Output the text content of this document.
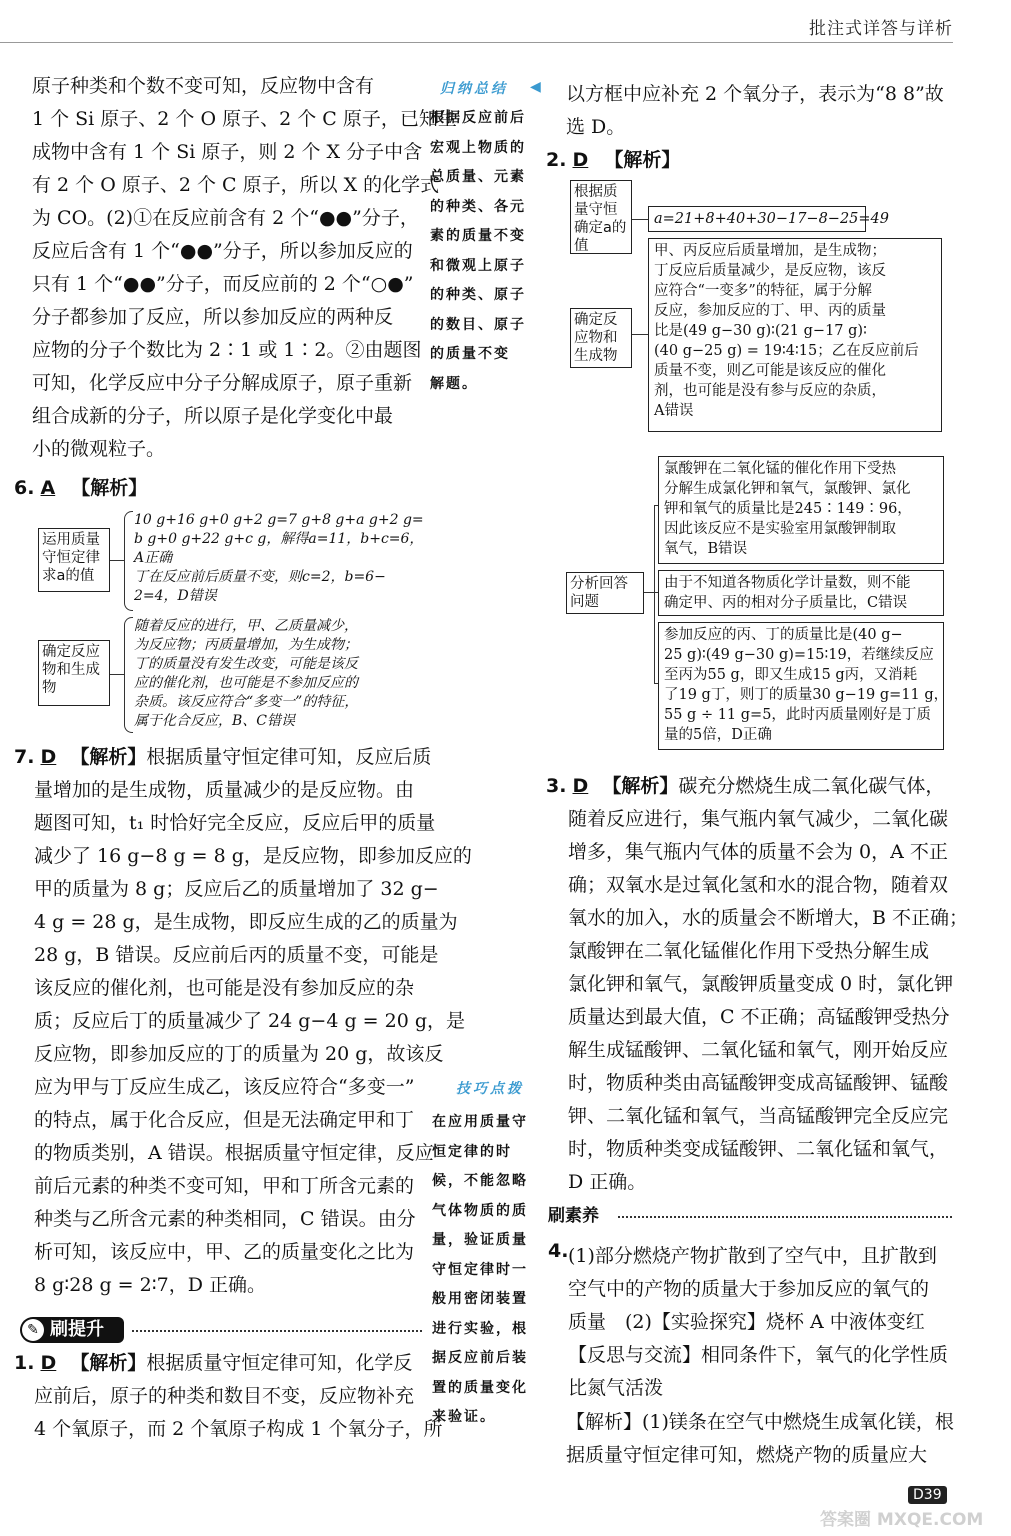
批注式详答与详析
原子种类和个数不变可知，反应物中含有
1 个 Si 原子、2 个 O 原子、2 个 C 原子，已知生
成物中含有 1 个 Si 原子，则 2 个 X 分子中含
有 2 个 O 原子、2 个 C 原子，所以 X 的化学式
为 CO。(2)①在反应前含有 2 个“●●”分子，
反应后含有 1 个“●●”分子，所以参加反应的
只有 1 个“●●”分子，而反应前的 2 个“○●”
分子都参加了反应，所以参加反应的两种反
应物的分子个数比为 2∶1 或 1∶2。②由题图
可知，化学反应中分子分解成原子，原子重新
组合成新的分子，所以原子是化学变化中最
小的微观粒子。
6. A 【解析】
运用质量守恒定律求a的值
10 g+16 g+0 g+2 g=7 g+8 g+a g+2 g=
b g+0 g+22 g+c g，解得a=11，b+c=6，
A正确
丁在反应前后质量不变，则c=2，b=6−
2=4，D错误
确定反应物和生成物
随着反应的进行，甲、乙质量减少，
为反应物；丙质量增加，为生成物；
丁的质量没有发生改变，可能是该反
应的催化剂，也可能是不参加反应的
杂质。该反应符合“多变一”的特征，
属于化合反应，B、C错误
7. D 【解析】根据质量守恒定律可知，反应后质
量增加的是生成物，质量减少的是反应物。由
题图可知，t₁ 时恰好完全反应，反应后甲的质量
减少了 16 g−8 g = 8 g，是反应物，即参加反应的
甲的质量为 8 g；反应后乙的质量增加了 32 g−
4 g = 28 g，是生成物，即反应生成的乙的质量为
28 g，B 错误。反应前后丙的质量不变，可能是
该反应的催化剂，也可能是没有参加反应的杂
质；反应后丁的质量减少了 24 g−4 g = 20 g，是
反应物，即参加反应的丁的质量为 20 g，故该反
应为甲与丁反应生成乙，该反应符合“多变一”
的特点，属于化合反应，但是无法确定甲和丁
的物质类别，A 错误。根据质量守恒定律，反应
前后元素的种类不变可知，甲和丁所含元素的
种类与乙所含元素的种类相同，C 错误。由分
析可知，该反应中，甲、乙的质量变化之比为
8 g∶28 g = 2∶7，D 正确。
✎ 刷提升
1. D 【解析】根据质量守恒定律可知，化学反
应前后，原子的种类和数目不变，反应物补充
4 个氧原子，而 2 个氧原子构成 1 个氧分子，所
归纳总结 ◀
根据反应前后
宏观上物质的
总质量、元素
的种类、各元
素的质量不变
和微观上原子
的种类、原子
的数目、原子
的质量不变
解题。
技巧点拨
在应用质量守
恒定律的时
候，不能忽略
气体物质的质
量，验证质量
守恒定律时一
般用密闭装置
进行实验，根
据反应前后装
置的质量变化
来验证。
以方框中应补充 2 个氧分子，表示为“8 8”故
选 D。
2. D 【解析】
根据质量守恒确定a的值
a=21+8+40+30−17−8−25=49
确定反应物和生成物
甲、丙反应后质量增加，是生成物；
丁反应后质量减少，是反应物，该反
应符合“一变多”的特征，属于分解
反应，参加反应的丁、甲、丙的质量
比是(49 g−30 g)∶(21 g−17 g)∶
(40 g−25 g) = 19∶4∶15；乙在反应前后
质量不变，则乙可能是该反应的催化
剂，也可能是没有参与反应的杂质，
A错误
分析回答问题
氯酸钾在二氧化锰的催化作用下受热
分解生成氯化钾和氧气，氯酸钾、氯化
钾和氧气的质量比是245∶149∶96，
因此该反应不是实验室用氯酸钾制取
氧气，B错误
由于不知道各物质化学计量数，则不能
确定甲、丙的相对分子质量比，C错误
参加反应的丙、丁的质量比是(40 g−
25 g)∶(49 g−30 g)=15∶19，若继续反应
至丙为55 g，即又生成15 g丙，又消耗
了19 g丁，则丁的质量30 g−19 g=11 g，
55 g ÷ 11 g=5，此时丙质量刚好是丁质
量的5倍，D正确
3. D 【解析】碳充分燃烧生成二氧化碳气体，
随着反应进行，集气瓶内氧气减少，二氧化碳
增多，集气瓶内气体的质量不会为 0，A 不正
确；双氧水是过氧化氢和水的混合物，随着双
氧水的加入，水的质量会不断增大，B 不正确；
氯酸钾在二氧化锰催化作用下受热分解生成
氯化钾和氧气，氯酸钾质量变成 0 时，氯化钾
质量达到最大值，C 不正确；高锰酸钾受热分
解生成锰酸钾、二氧化锰和氧气，刚开始反应
时，物质种类由高锰酸钾变成高锰酸钾、锰酸
钾、二氧化锰和氧气，当高锰酸钾完全反应完
时，物质种类变成锰酸钾、二氧化锰和氧气，
D 正确。
刷素养
4. (1)部分燃烧产物扩散到了空气中，且扩散到
空气中的产物的质量大于参加反应的氧气的
质量　(2)【实验探究】烧杯 A 中液体变红
【反思与交流】相同条件下，氧气的化学性质
比氮气活泼
【解析】(1)镁条在空气中燃烧生成氧化镁，根
据质量守恒定律可知，燃烧产物的质量应大
D39
答案圈 MXQE.COM
